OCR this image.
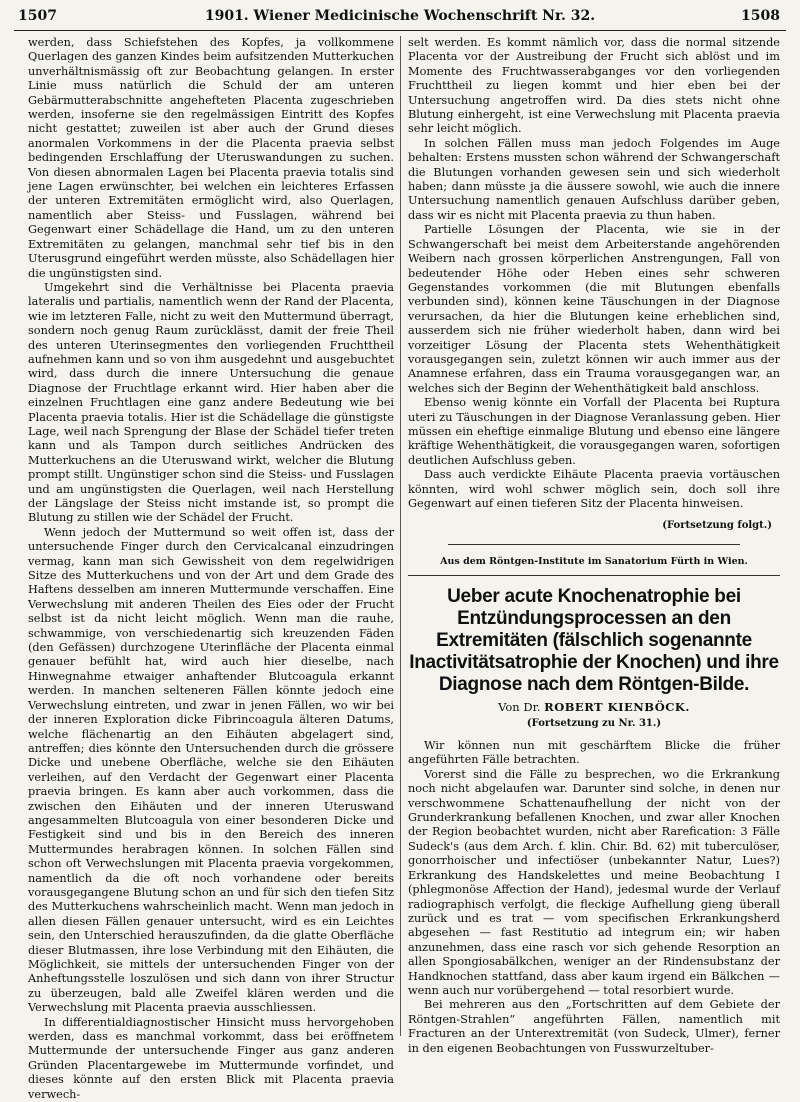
1507	1901. Wiener Medicinische Wochenschrift Nr. 32.	1508

werden, dass Schiefstehen des Kopfes, ja vollkommene Querlagen des ganzen Kindes beim aufsitzenden Mutterkuchen unverhältnismässig oft zur Beobachtung gelangen. In erster Linie muss natürlich die Schuld der am unteren Gebärmutterabschnitte angehefteten Placenta zugeschrieben werden, insoferne sie den regelmässigen Eintritt des Kopfes nicht gestattet; zuweilen ist aber auch der Grund dieses anormalen Vorkommens in der die Placenta praevia selbst bedingenden Erschlaffung der Uteruswandungen zu suchen. Von diesen abnormalen Lagen bei Placenta praevia totalis sind jene Lagen erwünschter, bei welchen ein leichteres Erfassen der unteren Extremitäten ermöglicht wird, also Querlagen, namentlich aber Steiss- und Fusslagen, während bei Gegenwart einer Schädellage die Hand, um zu den unteren Extremitäten zu gelangen, manchmal sehr tief bis in den Uterusgrund eingeführt werden müsste, also Schädellagen hier die ungünstigsten sind.

Umgekehrt sind die Verhältnisse bei Placenta praevia lateralis und partialis, namentlich wenn der Rand der Placenta, wie im letzteren Falle, nicht zu weit den Muttermund überragt, sondern noch genug Raum zurücklässt, damit der freie Theil des unteren Uterinsegmentes den vorliegenden Fruchttheil aufnehmen kann und so von ihm ausgedehnt und ausgebuchtet wird, dass durch die innere Untersuchung die genaue Diagnose der Fruchtlage erkannt wird. Hier haben aber die einzelnen Fruchtlagen eine ganz andere Bedeutung wie bei Placenta praevia totalis. Hier ist die Schädellage die günstigste Lage, weil nach Sprengung der Blase der Schädel tiefer treten kann und als Tampon durch seitliches Andrücken des Mutterkuchens an die Uteruswand wirkt, welcher die Blutung prompt stillt. Ungünstiger schon sind die Steiss- und Fusslagen und am ungünstigsten die Querlagen, weil nach Herstellung der Längslage der Steiss nicht imstande ist, so prompt die Blutung zu stillen wie der Schädel der Frucht.

Wenn jedoch der Muttermund so weit offen ist, dass der untersuchende Finger durch den Cervicalcanal einzudringen vermag, kann man sich Gewissheit von dem regelwidrigen Sitze des Mutterkuchens und von der Art und dem Grade des Haftens desselben am inneren Muttermunde verschaffen. Eine Verwechslung mit anderen Theilen des Eies oder der Frucht selbst ist da nicht leicht möglich. Wenn man die rauhe, schwammige, von verschiedenartig sich kreuzenden Fäden (den Gefässen) durchzogene Uterinfläche der Placenta einmal genauer befühlt hat, wird auch hier dieselbe, nach Hinwegnahme etwaiger anhaftender Blutcoagula erkannt werden. In manchen selteneren Fällen könnte jedoch eine Verwechslung eintreten, und zwar in jenen Fällen, wo wir bei der inneren Exploration dicke Fibrincoagula älteren Datums, welche flächenartig an den Eihäuten abgelagert sind, antreffen; dies könnte den Untersuchenden durch die grössere Dicke und unebene Oberfläche, welche sie den Eihäuten verleihen, auf den Verdacht der Gegenwart einer Placenta praevia bringen. Es kann aber auch vorkommen, dass die zwischen den Eihäuten und der inneren Uteruswand angesammelten Blutcoagula von einer besonderen Dicke und Festigkeit sind und bis in den Bereich des inneren Muttermundes herabragen können. In solchen Fällen sind schon oft Verwechslungen mit Placenta praevia vorgekommen, namentlich da die oft noch vorhandene oder bereits vorausgegangene Blutung schon an und für sich den tiefen Sitz des Mutterkuchens wahrscheinlich macht. Wenn man jedoch in allen diesen Fällen genauer untersucht, wird es ein Leichtes sein, den Unterschied herauszufinden, da die glatte Oberfläche dieser Blutmassen, ihre lose Verbindung mit den Eihäuten, die Möglichkeit, sie mittels der untersuchenden Finger von der Anheftungsstelle loszulösen und sich dann von ihrer Structur zu überzeugen, bald alle Zweifel klären werden und die Verwechslung mit Placenta praevia ausschliessen.

In differentialdiagnostischer Hinsicht muss hervorgehoben werden, dass es manchmal vorkommt, dass bei eröffnetem Muttermunde der untersuchende Finger aus ganz anderen Gründen Placentargewebe im Muttermunde vorfindet, und dieses könnte auf den ersten Blick mit Placenta praevia verwech-

selt werden. Es kommt nämlich vor, dass die normal sitzende Placenta vor der Austreibung der Frucht sich ablöst und im Momente des Fruchtwasserabganges vor den vorliegenden Fruchttheil zu liegen kommt und hier eben bei der Untersuchung angetroffen wird. Da dies stets nicht ohne Blutung einhergeht, ist eine Verwechslung mit Placenta praevia sehr leicht möglich.

In solchen Fällen muss man jedoch Folgendes im Auge behalten: Erstens mussten schon während der Schwangerschaft die Blutungen vorhanden gewesen sein und sich wiederholt haben; dann müsste ja die äussere sowohl, wie auch die innere Untersuchung namentlich genauen Aufschluss darüber geben, dass wir es nicht mit Placenta praevia zu thun haben.

Partielle Lösungen der Placenta, wie sie in der Schwangerschaft bei meist dem Arbeiterstande angehörenden Weibern nach grossen körperlichen Anstrengungen, Fall von bedeutender Höhe oder Heben eines sehr schweren Gegenstandes vorkommen (die mit Blutungen ebenfalls verbunden sind), können keine Täuschungen in der Diagnose verursachen, da hier die Blutungen keine erheblichen sind, ausserdem sich nie früher wiederholt haben, dann wird bei vorzeitiger Lösung der Placenta stets Wehenthätigkeit vorausgegangen sein, zuletzt können wir auch immer aus der Anamnese erfahren, dass ein Trauma vorausgegangen war, an welches sich der Beginn der Wehenthätigkeit bald anschloss.

Ebenso wenig könnte ein Vorfall der Placenta bei Ruptura uteri zu Täuschungen in der Diagnose Veranlassung geben. Hier müssen ein eheftige einmalige Blutung und ebenso eine längere kräftige Wehenthätigkeit, die vorausgegangen waren, sofortigen deutlichen Aufschluss geben.

Dass auch verdickte Eihäute Placenta praevia vortäuschen könnten, wird wohl schwer möglich sein, doch soll ihre Gegenwart auf einen tieferen Sitz der Placenta hinweisen.

(Fortsetzung folgt.)
Aus dem Röntgen-Institute im Sanatorium Fürth in Wien.
Ueber acute Knochenatrophie bei Entzündungsprocessen an den Extremitäten (fälschlich sogenannte Inactivitätsatrophie der Knochen) und ihre Diagnose nach dem Röntgen-Bilde.
Von Dr. ROBERT KIENBÖCK.
(Fortsetzung zu Nr. 31.)

Wir können nun mit geschärftem Blicke die früher angeführten Fälle betrachten.

Vorerst sind die Fälle zu besprechen, wo die Erkrankung noch nicht abgelaufen war. Darunter sind solche, in denen nur verschwommene Schattenaufhellung der nicht von der Grunderkrankung befallenen Knochen, und zwar aller Knochen der Region beobachtet wurden, nicht aber Rarefication: 3 Fälle Sudeck's (aus dem Arch. f. klin. Chir. Bd. 62) mit tuberculöser, gonorrhoischer und infectiöser (unbekannter Natur, Lues?) Erkrankung des Handskelettes und meine Beobachtung I (phlegmonöse Affection der Hand), jedesmal wurde der Verlauf radiographisch verfolgt, die fleckige Aufhellung gieng überall zurück und es trat — vom specifischen Erkrankungsherd abgesehen — fast Restitutio ad integrum ein; wir haben anzunehmen, dass eine rasch vor sich gehende Resorption an allen Spongiosabälkchen, weniger an der Rindensubstanz der Handknochen stattfand, dass aber kaum irgend ein Bälkchen — wenn auch nur vorübergehend — total resorbiert wurde.

Bei mehreren aus den „Fortschritten auf dem Gebiete der Röntgen-Strahlen“ angeführten Fällen, namentlich mit Fracturen an der Unterextremität (von Sudeck, Ulmer), ferner in den eigenen Beobachtungen von Fusswurzeltuber-
